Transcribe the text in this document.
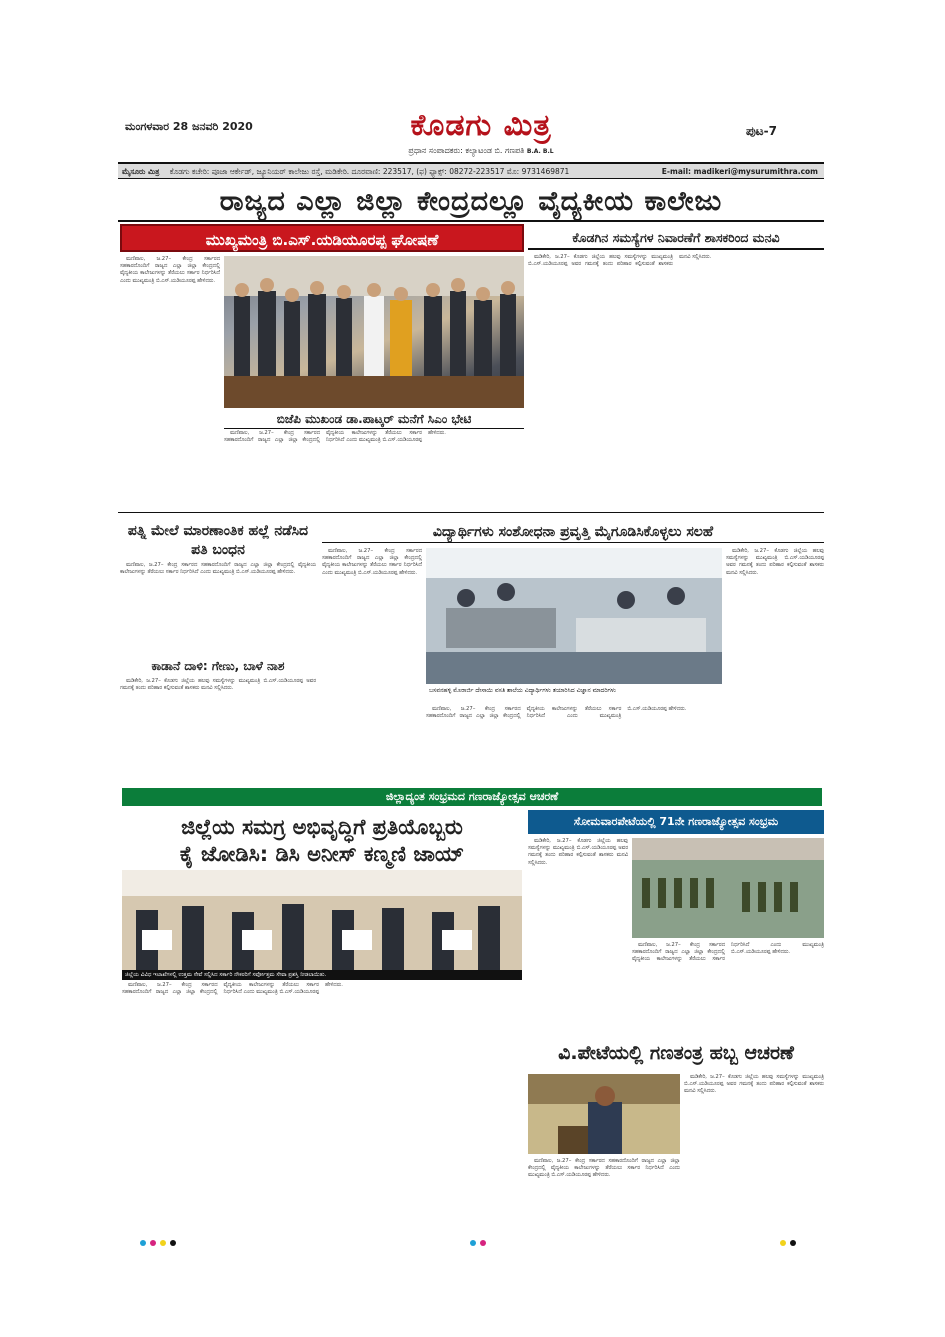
ಮಂಗಳವಾರ 28 ಜನವರಿ 2020	ಕೊಡಗು ಮಿತ್ರ
ಪ್ರಧಾನ ಸಂಪಾದಕರು: ಕಲ್ಯಾಟಂಡ ಬಿ. ಗಣಪತಿ B.A. B.L
ಪುಟ-7
ಮೈಸೂರು ಮಿತ್ರ ಕೊಡಗು ಕಚೇರಿ: ಪೂಜಾ ಆರ್ಕೇಡ್, ಜ್ಯೂನಿಯರ್ ಕಾಲೇಜು ರಸ್ತೆ, ಮಡಿಕೇರಿ. ದೂರವಾಣಿ: 223517, (ಫ) ಫ್ಯಾಕ್ಸ್: 08272-223517 ಮೊ: 9731469871	E-mail: madikeri@mysurumithra.com
ರಾಜ್ಯದ ಎಲ್ಲಾ ಜಿಲ್ಲಾ ಕೇಂದ್ರದಲ್ಲೂ ವೈದ್ಯಕೀಯ ಕಾಲೇಜು
ಮುಖ್ಯಮಂತ್ರಿ ಬಿ.ಎಸ್.ಯಡಿಯೂರಪ್ಪ ಘೋಷಣೆ	ಕೊಡಗಿನ ಸಮಸ್ಯೆಗಳ ನಿವಾರಣೆಗೆ ಶಾಸಕರಿಂದ ಮನವಿ

ಮಣಿಪಾಲ, ಜ.27– ಕೇಂದ್ರ ಸರ್ಕಾರದ ಸಹಕಾರದೊಂದಿಗೆ ರಾಜ್ಯದ ಎಲ್ಲಾ ಜಿಲ್ಲಾ ಕೇಂದ್ರದಲ್ಲಿ ವೈದ್ಯಕೀಯ ಕಾಲೇಜುಗಳನ್ನು ತೆರೆಯಲು ಸರ್ಕಾರ ನಿರ್ಧರಿಸಿದೆ ಎಂದು ಮುಖ್ಯಮಂತ್ರಿ ಬಿ.ಎಸ್.ಯಡಿಯೂರಪ್ಪ ಹೇಳಿದರು.

ಬಿಜೆಪಿ ಮುಖಂಡ ಡಾ.ಪಾಟ್ಕರ್ ಮನೆಗೆ ಸಿಎಂ ಭೇಟಿ

ಮಣಿಪಾಲ, ಜ.27– ಕೇಂದ್ರ ಸರ್ಕಾರದ ಸಹಕಾರದೊಂದಿಗೆ ರಾಜ್ಯದ ಎಲ್ಲಾ ಜಿಲ್ಲಾ ಕೇಂದ್ರದಲ್ಲಿ ವೈದ್ಯಕೀಯ ಕಾಲೇಜುಗಳನ್ನು ತೆರೆಯಲು ಸರ್ಕಾರ ನಿರ್ಧರಿಸಿದೆ ಎಂದು ಮುಖ್ಯಮಂತ್ರಿ ಬಿ.ಎಸ್.ಯಡಿಯೂರಪ್ಪ ಹೇಳಿದರು.

ಮಡಿಕೇರಿ, ಜ.27– ಕೊಡಗು ಜಿಲ್ಲೆಯ ಹಲವು ಸಮಸ್ಯೆಗಳನ್ನು ಮುಖ್ಯಮಂತ್ರಿ ಬಿ.ಎಸ್.ಯಡಿಯೂರಪ್ಪ ಅವರ ಗಮನಕ್ಕೆ ತಂದು ಪರಿಹಾರ ಕಲ್ಪಿಸುವಂತೆ ಶಾಸಕರು ಮನವಿ ಸಲ್ಲಿಸಿದರು.

ಪತ್ನಿ ಮೇಲೆ ಮಾರಣಾಂತಿಕ ಹಲ್ಲೆ ನಡೆಸಿದ ಪತಿ ಬಂಧನ

ಮಣಿಪಾಲ, ಜ.27– ಕೇಂದ್ರ ಸರ್ಕಾರದ ಸಹಕಾರದೊಂದಿಗೆ ರಾಜ್ಯದ ಎಲ್ಲಾ ಜಿಲ್ಲಾ ಕೇಂದ್ರದಲ್ಲಿ ವೈದ್ಯಕೀಯ ಕಾಲೇಜುಗಳನ್ನು ತೆರೆಯಲು ಸರ್ಕಾರ ನಿರ್ಧರಿಸಿದೆ ಎಂದು ಮುಖ್ಯಮಂತ್ರಿ ಬಿ.ಎಸ್.ಯಡಿಯೂರಪ್ಪ ಹೇಳಿದರು.

ಕಾಡಾನೆ ದಾಳಿ: ಗೇಣು, ಬಾಳೆ ನಾಶ

ಮಡಿಕೇರಿ, ಜ.27– ಕೊಡಗು ಜಿಲ್ಲೆಯ ಹಲವು ಸಮಸ್ಯೆಗಳನ್ನು ಮುಖ್ಯಮಂತ್ರಿ ಬಿ.ಎಸ್.ಯಡಿಯೂರಪ್ಪ ಅವರ ಗಮನಕ್ಕೆ ತಂದು ಪರಿಹಾರ ಕಲ್ಪಿಸುವಂತೆ ಶಾಸಕರು ಮನವಿ ಸಲ್ಲಿಸಿದರು.

ವಿದ್ಯಾರ್ಥಿಗಳು ಸಂಶೋಧನಾ ಪ್ರವೃತ್ತಿ ಮೈಗೂಡಿಸಿಕೊಳ್ಳಲು ಸಲಹೆ

ಮಣಿಪಾಲ, ಜ.27– ಕೇಂದ್ರ ಸರ್ಕಾರದ ಸಹಕಾರದೊಂದಿಗೆ ರಾಜ್ಯದ ಎಲ್ಲಾ ಜಿಲ್ಲಾ ಕೇಂದ್ರದಲ್ಲಿ ವೈದ್ಯಕೀಯ ಕಾಲೇಜುಗಳನ್ನು ತೆರೆಯಲು ಸರ್ಕಾರ ನಿರ್ಧರಿಸಿದೆ ಎಂದು ಮುಖ್ಯಮಂತ್ರಿ ಬಿ.ಎಸ್.ಯಡಿಯೂರಪ್ಪ ಹೇಳಿದರು.

ಬಸವನಹಳ್ಳಿ ಮೊರಾರ್ಜಿ ದೇಸಾಯಿ ವಸತಿ ಶಾಲೆಯ ವಿದ್ಯಾರ್ಥಿಗಳು ತಯಾರಿಸಿದ ವಿಜ್ಞಾನ ಮಾದರಿಗಳು

ಮಡಿಕೇರಿ, ಜ.27– ಕೊಡಗು ಜಿಲ್ಲೆಯ ಹಲವು ಸಮಸ್ಯೆಗಳನ್ನು ಮುಖ್ಯಮಂತ್ರಿ ಬಿ.ಎಸ್.ಯಡಿಯೂರಪ್ಪ ಅವರ ಗಮನಕ್ಕೆ ತಂದು ಪರಿಹಾರ ಕಲ್ಪಿಸುವಂತೆ ಶಾಸಕರು ಮನವಿ ಸಲ್ಲಿಸಿದರು.

ಮಣಿಪಾಲ, ಜ.27– ಕೇಂದ್ರ ಸರ್ಕಾರದ ಸಹಕಾರದೊಂದಿಗೆ ರಾಜ್ಯದ ಎಲ್ಲಾ ಜಿಲ್ಲಾ ಕೇಂದ್ರದಲ್ಲಿ ವೈದ್ಯಕೀಯ ಕಾಲೇಜುಗಳನ್ನು ತೆರೆಯಲು ಸರ್ಕಾರ ನಿರ್ಧರಿಸಿದೆ ಎಂದು ಮುಖ್ಯಮಂತ್ರಿ ಬಿ.ಎಸ್.ಯಡಿಯೂರಪ್ಪ ಹೇಳಿದರು.

ಜಿಲ್ಲಾದ್ಯಂತ ಸಂಭ್ರಮದ ಗಣರಾಜ್ಯೋತ್ಸವ ಆಚರಣೆ
ಜಿಲ್ಲೆಯ ಸಮಗ್ರ ಅಭಿವೃದ್ಧಿಗೆ ಪ್ರತಿಯೊಬ್ಬರು
ಕೈ ಜೋಡಿಸಿ: ಡಿಸಿ ಅನೀಸ್ ಕಣ್ಮಣಿ ಜಾಯ್
ಜಿಲ್ಲೆಯ ವಿವಿಧ ಇಲಾಖೆಗಳಲ್ಲಿ ಉತ್ತಮ ಸೇವೆ ಸಲ್ಲಿಸಿದ ಸರ್ಕಾರಿ ನೌಕರರಿಗೆ ಸರ್ವೋತ್ತಮ ಸೇವಾ ಪ್ರಶಸ್ತಿ ನೀಡಲಾಯಿತು.

ಮಣಿಪಾಲ, ಜ.27– ಕೇಂದ್ರ ಸರ್ಕಾರದ ಸಹಕಾರದೊಂದಿಗೆ ರಾಜ್ಯದ ಎಲ್ಲಾ ಜಿಲ್ಲಾ ಕೇಂದ್ರದಲ್ಲಿ ವೈದ್ಯಕೀಯ ಕಾಲೇಜುಗಳನ್ನು ತೆರೆಯಲು ಸರ್ಕಾರ ನಿರ್ಧರಿಸಿದೆ ಎಂದು ಮುಖ್ಯಮಂತ್ರಿ ಬಿ.ಎಸ್.ಯಡಿಯೂರಪ್ಪ ಹೇಳಿದರು.

ಸೋಮವಾರಪೇಟೆಯಲ್ಲಿ 71ನೇ ಗಣರಾಜ್ಯೋತ್ಸವ ಸಂಭ್ರಮ

ಮಡಿಕೇರಿ, ಜ.27– ಕೊಡಗು ಜಿಲ್ಲೆಯ ಹಲವು ಸಮಸ್ಯೆಗಳನ್ನು ಮುಖ್ಯಮಂತ್ರಿ ಬಿ.ಎಸ್.ಯಡಿಯೂರಪ್ಪ ಅವರ ಗಮನಕ್ಕೆ ತಂದು ಪರಿಹಾರ ಕಲ್ಪಿಸುವಂತೆ ಶಾಸಕರು ಮನವಿ ಸಲ್ಲಿಸಿದರು.

ಮಣಿಪಾಲ, ಜ.27– ಕೇಂದ್ರ ಸರ್ಕಾರದ ಸಹಕಾರದೊಂದಿಗೆ ರಾಜ್ಯದ ಎಲ್ಲಾ ಜಿಲ್ಲಾ ಕೇಂದ್ರದಲ್ಲಿ ವೈದ್ಯಕೀಯ ಕಾಲೇಜುಗಳನ್ನು ತೆರೆಯಲು ಸರ್ಕಾರ ನಿರ್ಧರಿಸಿದೆ ಎಂದು ಮುಖ್ಯಮಂತ್ರಿ ಬಿ.ಎಸ್.ಯಡಿಯೂರಪ್ಪ ಹೇಳಿದರು.

ವಿ.ಪೇಟೆಯಲ್ಲಿ ಗಣತಂತ್ರ ಹಬ್ಬ ಆಚರಣೆ

ಮಡಿಕೇರಿ, ಜ.27– ಕೊಡಗು ಜಿಲ್ಲೆಯ ಹಲವು ಸಮಸ್ಯೆಗಳನ್ನು ಮುಖ್ಯಮಂತ್ರಿ ಬಿ.ಎಸ್.ಯಡಿಯೂರಪ್ಪ ಅವರ ಗಮನಕ್ಕೆ ತಂದು ಪರಿಹಾರ ಕಲ್ಪಿಸುವಂತೆ ಶಾಸಕರು ಮನವಿ ಸಲ್ಲಿಸಿದರು.

ಮಣಿಪಾಲ, ಜ.27– ಕೇಂದ್ರ ಸರ್ಕಾರದ ಸಹಕಾರದೊಂದಿಗೆ ರಾಜ್ಯದ ಎಲ್ಲಾ ಜಿಲ್ಲಾ ಕೇಂದ್ರದಲ್ಲಿ ವೈದ್ಯಕೀಯ ಕಾಲೇಜುಗಳನ್ನು ತೆರೆಯಲು ಸರ್ಕಾರ ನಿರ್ಧರಿಸಿದೆ ಎಂದು ಮುಖ್ಯಮಂತ್ರಿ ಬಿ.ಎಸ್.ಯಡಿಯೂರಪ್ಪ ಹೇಳಿದರು.
